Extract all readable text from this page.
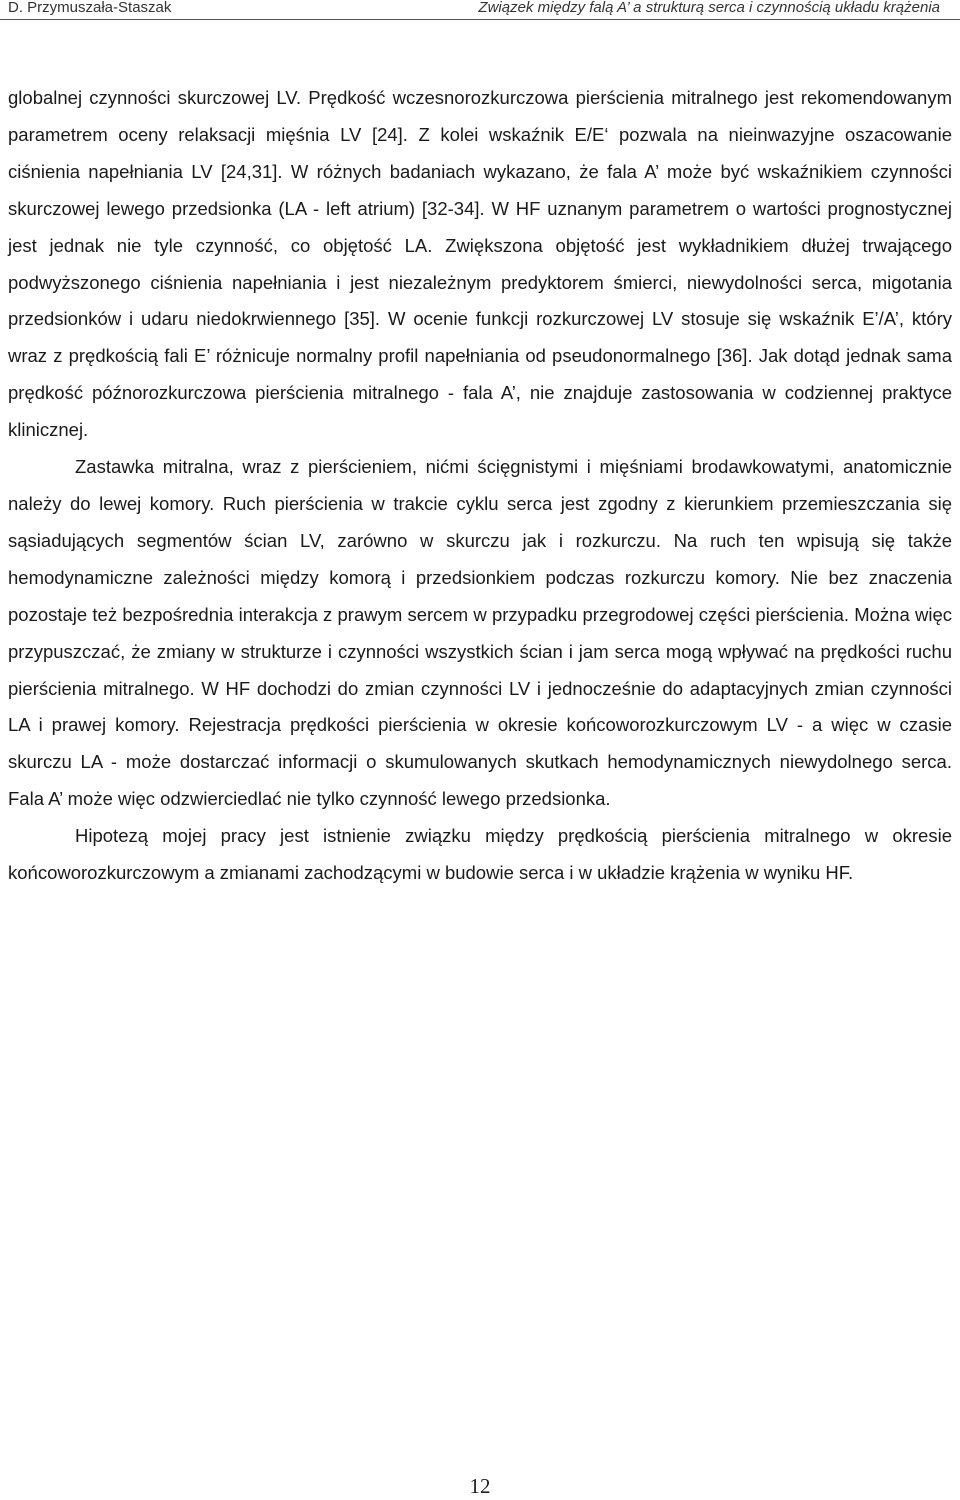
D. Przymuszała-Staszak	Związek między falą A’ a strukturą serca i czynnością układu krążenia

globalnej czynności skurczowej LV. Prędkość wczesnorozkurczowa pierścienia mitralnego jest rekomendowanym parametrem oceny relaksacji mięśnia LV [24]. Z kolei wskaźnik E/E‘ pozwala na nieinwazyjne oszacowanie ciśnienia napełniania LV [24,31]. W różnych badaniach wykazano, że fala A’ może być wskaźnikiem czynności skurczowej lewego przedsionka (LA - left atrium) [32-34]. W HF uznanym parametrem o wartości prognostycznej jest jednak nie tyle czynność, co objętość LA. Zwiększona objętość jest wykładnikiem dłużej trwającego podwyższonego ciśnienia napełniania i jest niezależnym predyktorem śmierci, niewydolności serca, migotania przedsionków i udaru niedokrwiennego [35]. W ocenie funkcji rozkurczowej LV stosuje się wskaźnik E’/A’, który wraz z prędkością fali E’ różnicuje normalny profil napełniania od pseudonormalnego [36]. Jak dotąd jednak sama prędkość późnorozkurczowa pierścienia mitralnego - fala A’, nie znajduje zastosowania w codziennej praktyce klinicznej.

Zastawka mitralna, wraz z pierścieniem, nićmi ścięgnistymi i mięśniami brodawkowatymi, anatomicznie należy do lewej komory. Ruch pierścienia w trakcie cyklu serca jest zgodny z kierunkiem przemieszczania się sąsiadujących segmentów ścian LV, zarówno w skurczu jak i rozkurczu. Na ruch ten wpisują się także hemodynamiczne zależności między komorą i przedsionkiem podczas rozkurczu komory. Nie bez znaczenia pozostaje też bezpośrednia interakcja z prawym sercem w przypadku przegrodowej części pierścienia. Można więc przypuszczać, że zmiany w strukturze i czynności wszystkich ścian i jam serca mogą wpływać na prędkości ruchu pierścienia mitralnego. W HF dochodzi do zmian czynności LV i jednocześnie do adaptacyjnych zmian czynności LA i prawej komory. Rejestracja prędkości pierścienia w okresie końcoworozkurczowym LV - a więc w czasie skurczu LA - może dostarczać informacji o skumulowanych skutkach hemodynamicznych niewydolnego serca. Fala A’ może więc odzwierciedlać nie tylko czynność lewego przedsionka.

Hipotezą mojej pracy jest istnienie związku między prędkością pierścienia mitralnego w okresie końcoworozkurczowym a zmianami zachodzącymi w budowie serca i w układzie krążenia w wyniku HF.

12
